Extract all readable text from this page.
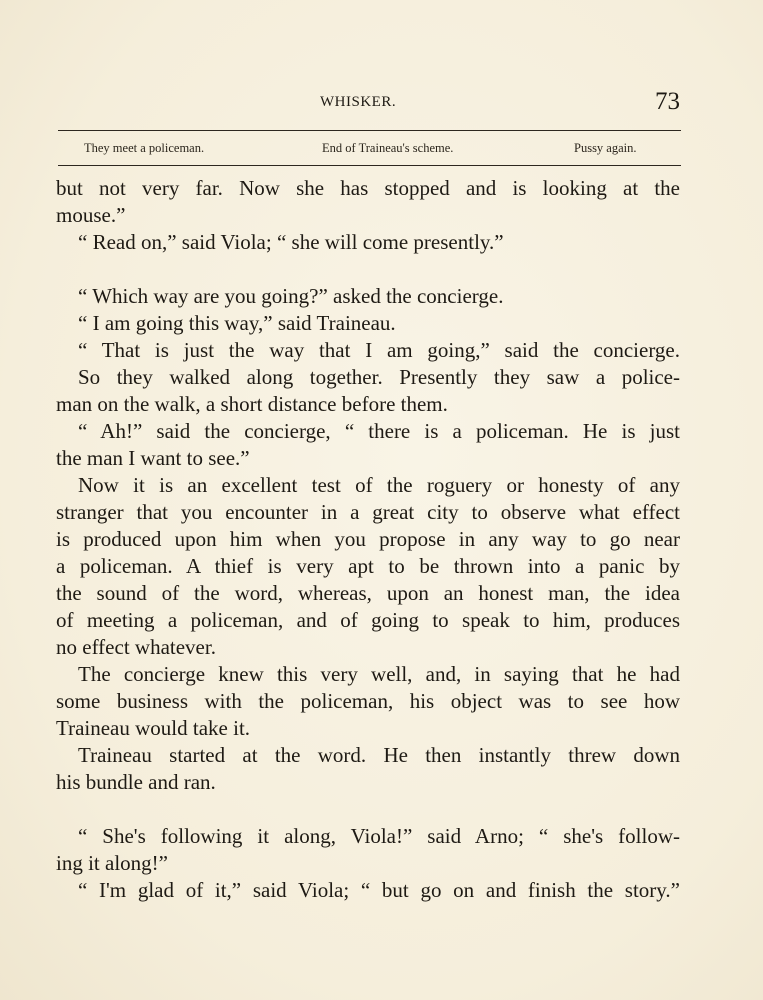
WHISKER.	73
They meet a policeman.	End of Traineau's scheme.	Pussy again.
but not very far. Now she has stopped and is looking at the
mouse.”
“ Read on,” said Viola; “ she will come presently.”
“ Which way are you going?” asked the concierge.
“ I am going this way,” said Traineau.
“ That is just the way that I am going,” said the concierge.
So they walked along together. Presently they saw a police-
man on the walk, a short distance before them.
“ Ah!” said the concierge, “ there is a policeman. He is just
the man I want to see.”
Now it is an excellent test of the roguery or honesty of any
stranger that you encounter in a great city to observe what effect
is produced upon him when you propose in any way to go near
a policeman. A thief is very apt to be thrown into a panic by
the sound of the word, whereas, upon an honest man, the idea
of meeting a policeman, and of going to speak to him, produces
no effect whatever.
The concierge knew this very well, and, in saying that he had
some business with the policeman, his object was to see how
Traineau would take it.
Traineau started at the word. He then instantly threw down
his bundle and ran.
“ She's following it along, Viola!” said Arno; “ she's follow-
ing it along!”
“ I'm glad of it,” said Viola; “ but go on and finish the story.”
